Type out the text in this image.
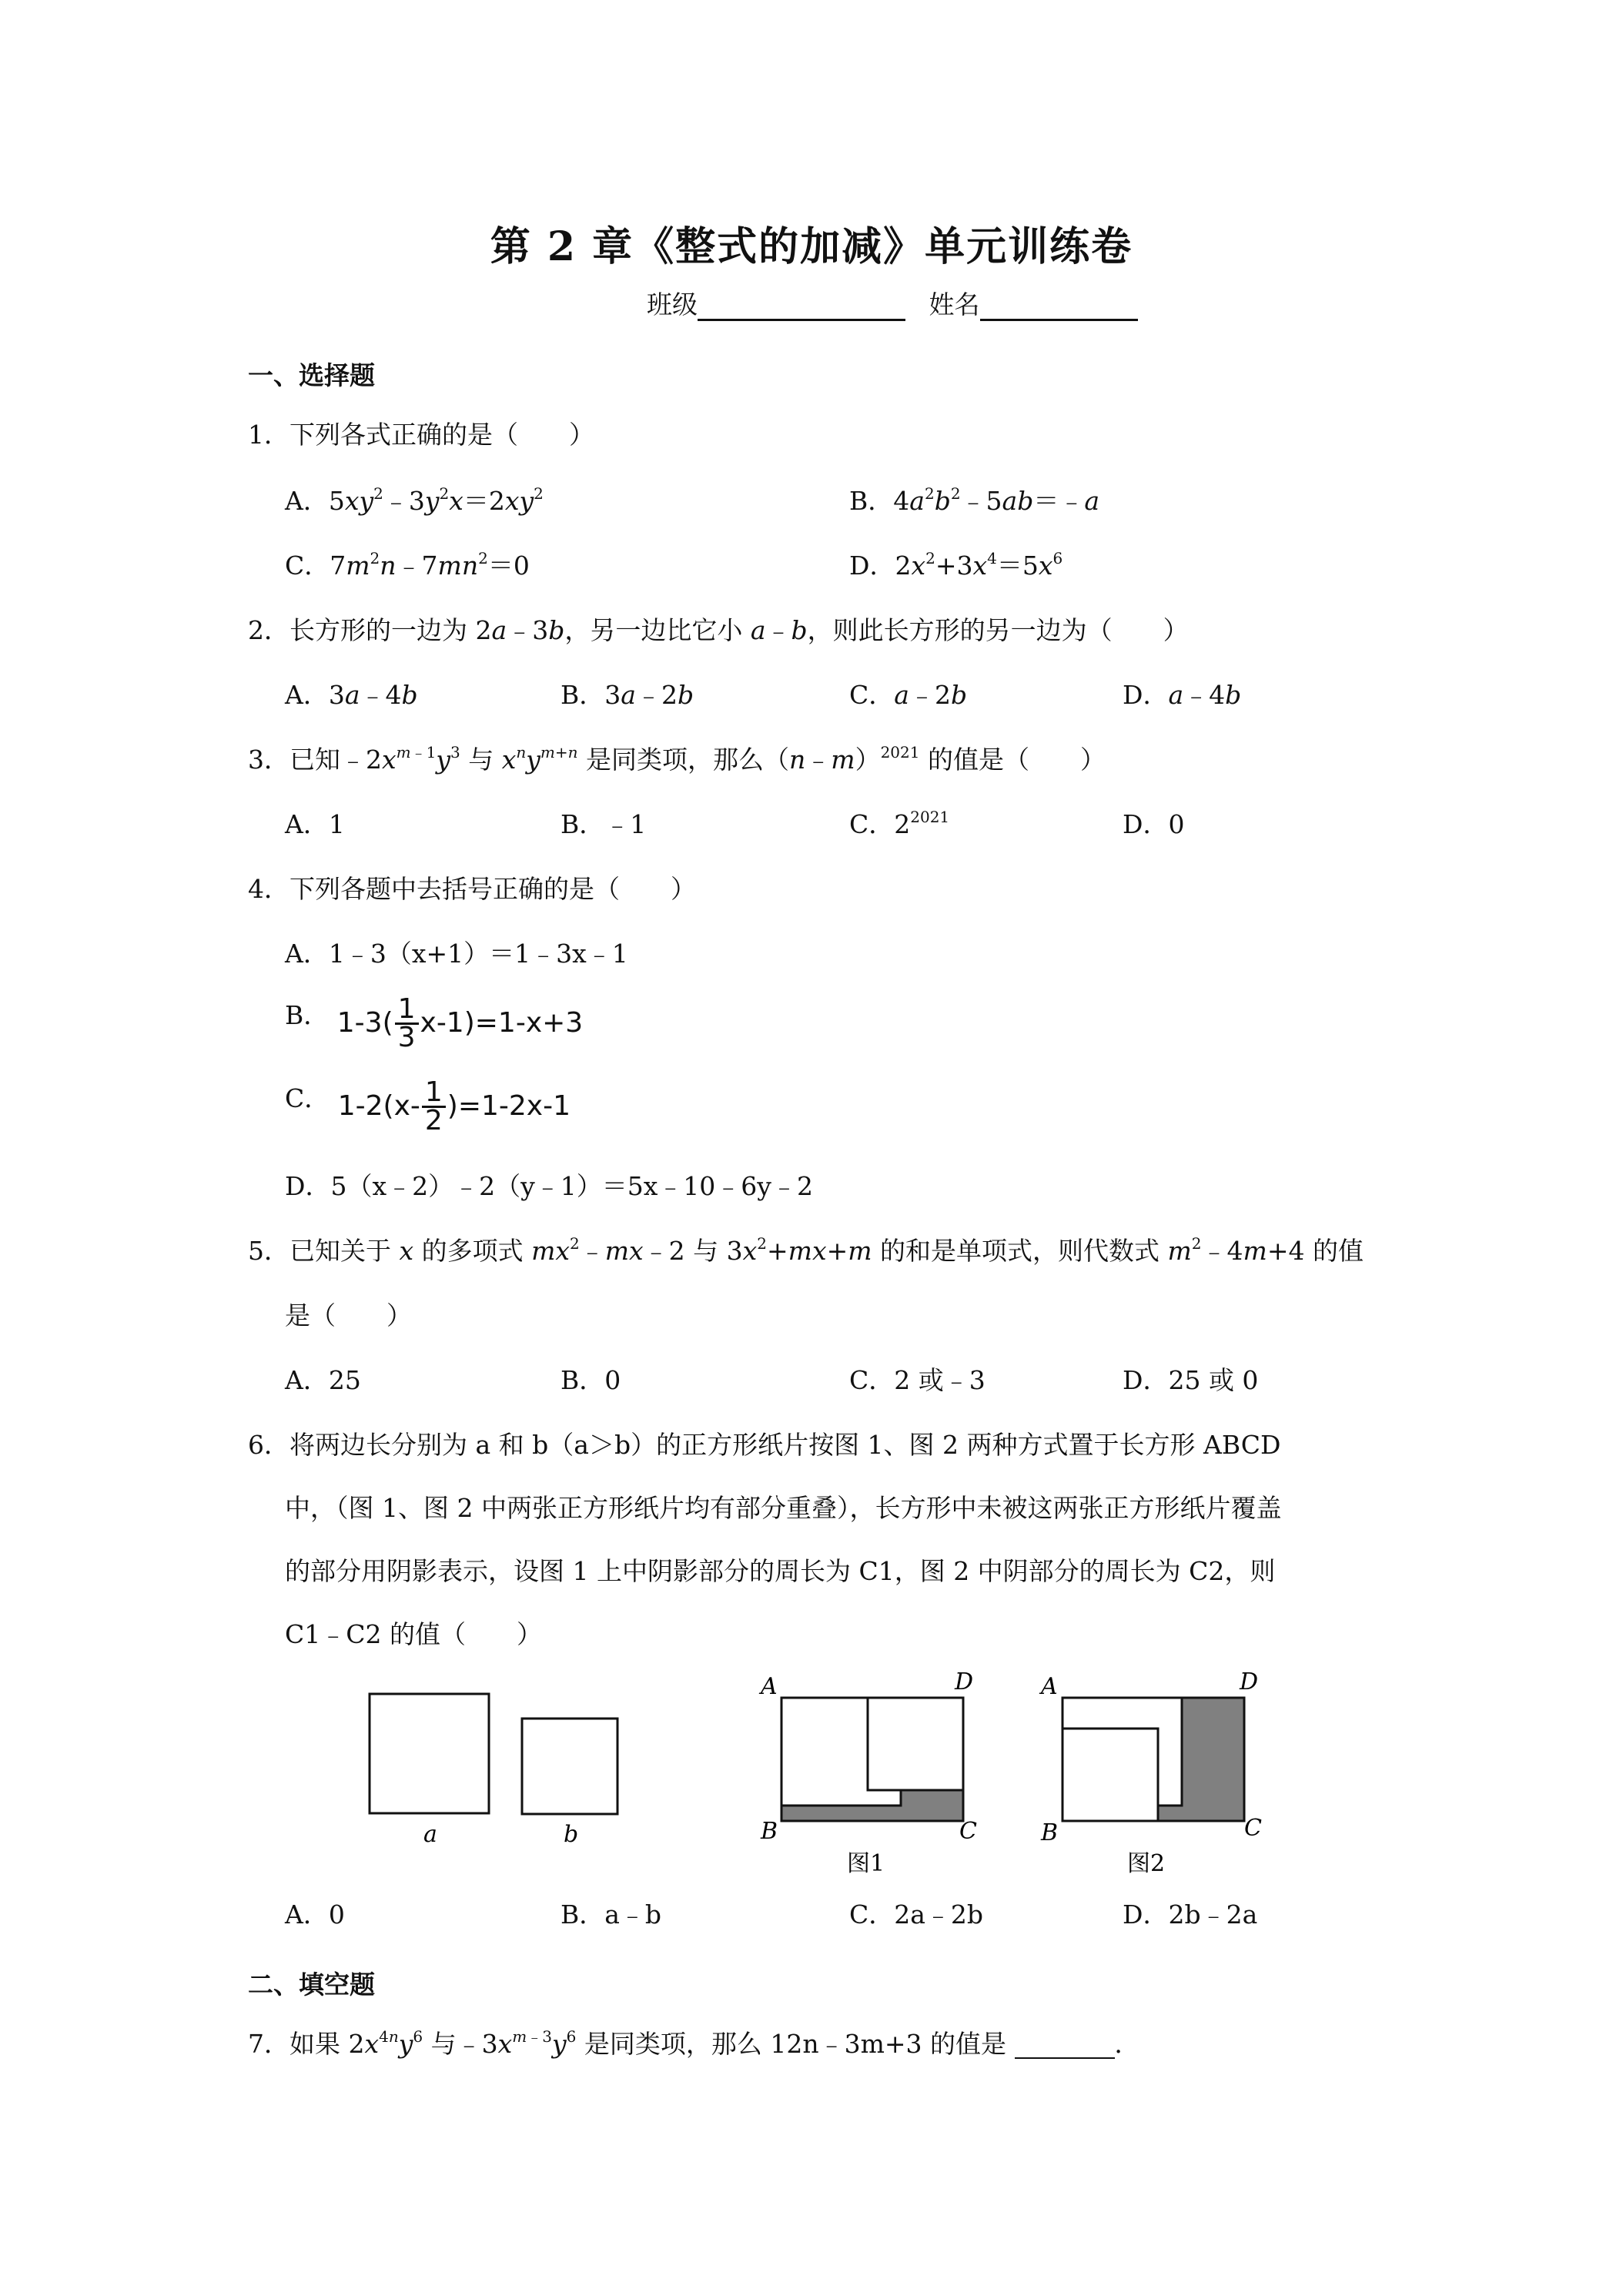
第 2 章《整式的加减》单元训练卷
班级	姓名
一、选择题
1．下列各式正确的是（　　）
A．$5xy^2﹣3y^2x=2xy^2$	B．$4a^2b^2﹣5ab=﹣a$
C．$7m^2n﹣7mn^2=0$	D．$2x^2+3x^4=5x^6$
2．长方形的一边为 2a﹣3b，另一边比它小 a﹣b，则此长方形的另一边为（　　）
A．3a﹣4b	B．3a﹣2b	C．a﹣2b	D．a﹣4b
3．已知$﹣2x^{m﹣1}y^3$ 与 $x^ny^{m+n}$ 是同类项，那么（n﹣m）$^{2021}$ 的值是（　　）
A．1	B．﹣1	C．$2^{2021}$	D．0
4．下列各题中去括号正确的是（　　）
A．1﹣3（x+1）＝1﹣3x﹣1
B． $1-3( \frac{1}{3} x-1)=1-x+3$
C． $1-2(x- \frac{1}{2} )=1-2x-1$
D．5（x﹣2）﹣2（y﹣1）＝5x﹣10﹣6y﹣2
5．已知关于 x 的多项式 $mx^2﹣mx﹣2$ 与 $3x^2+mx+m$ 的和是单项式，则代数式 $m^2﹣4m+4$ 的值
是（　　）
A．25	B．0	C．2 或﹣3	D．25 或 0
6．将两边长分别为 a 和 b（a＞b）的正方形纸片按图 1、图 2 两种方式置于长方形 ABCD
中，（图 1、图 2 中两张正方形纸片均有部分重叠），长方形中未被这两张正方形纸片覆盖
的部分用阴影表示，设图 1 上中阴影部分的周长为 C1，图 2 中阴部分的周长为 C2，则
C1﹣C2 的值（　　）
a	b
A	D
B	C
图1
A	D
B	C
图2
A．0	B．a﹣b	C．2a﹣2b	D．2b﹣2a
二、填空题
7．如果 $2x^{4n}y^6$ 与$﹣3x^{m﹣3}y^6$ 是同类项，那么 12n﹣3m+3 的值是	．
